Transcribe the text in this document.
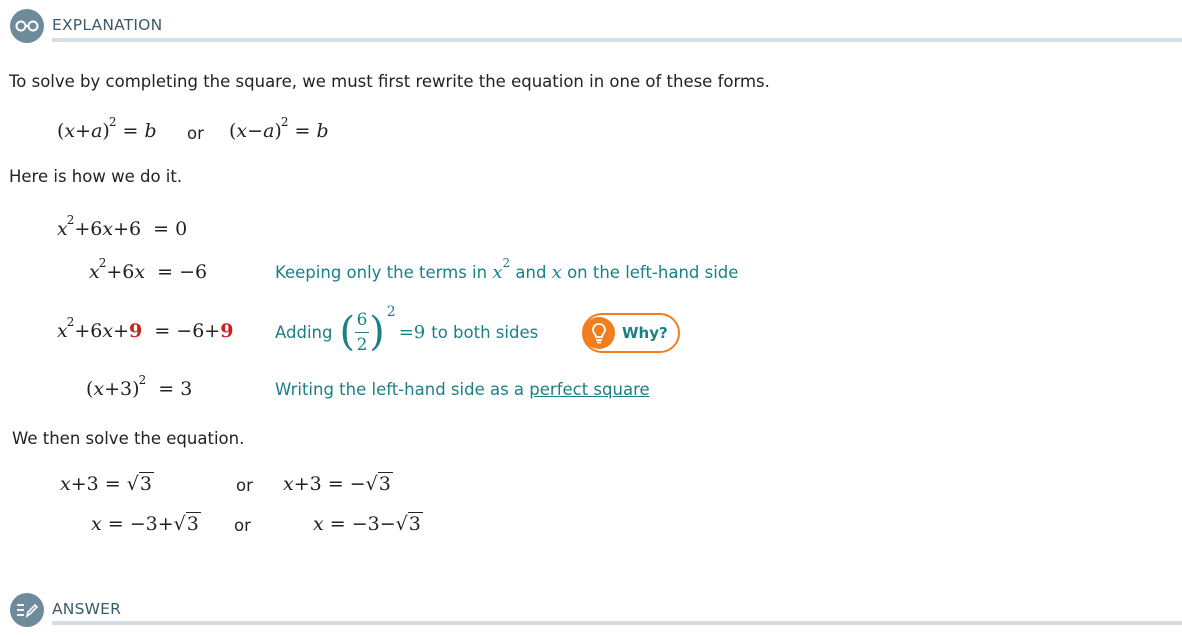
EXPLANATION
To solve by completing the square, we must first rewrite the equation in one of these forms.
$(x+a)^2 = b$ or $(x-a)^2 = b$
Here is how we do it.
$x^2+6x+6 = 0$
$x^2+6x = -6$	Keeping only the terms in $x^2$ and x on the left-hand side
$x^2+6x+9 = -6+9$	Adding ( $\frac{6}{2}$ ) 2
=9 to both sides	Why?
$(x+3)^2 = 3$	Writing the left-hand side as a perfect square
We then solve the equation.
x+3 = √ 3	or x+3 = − √ 3
x = −3+ √ 3 or	x = −3− √ 3
ANSWER
